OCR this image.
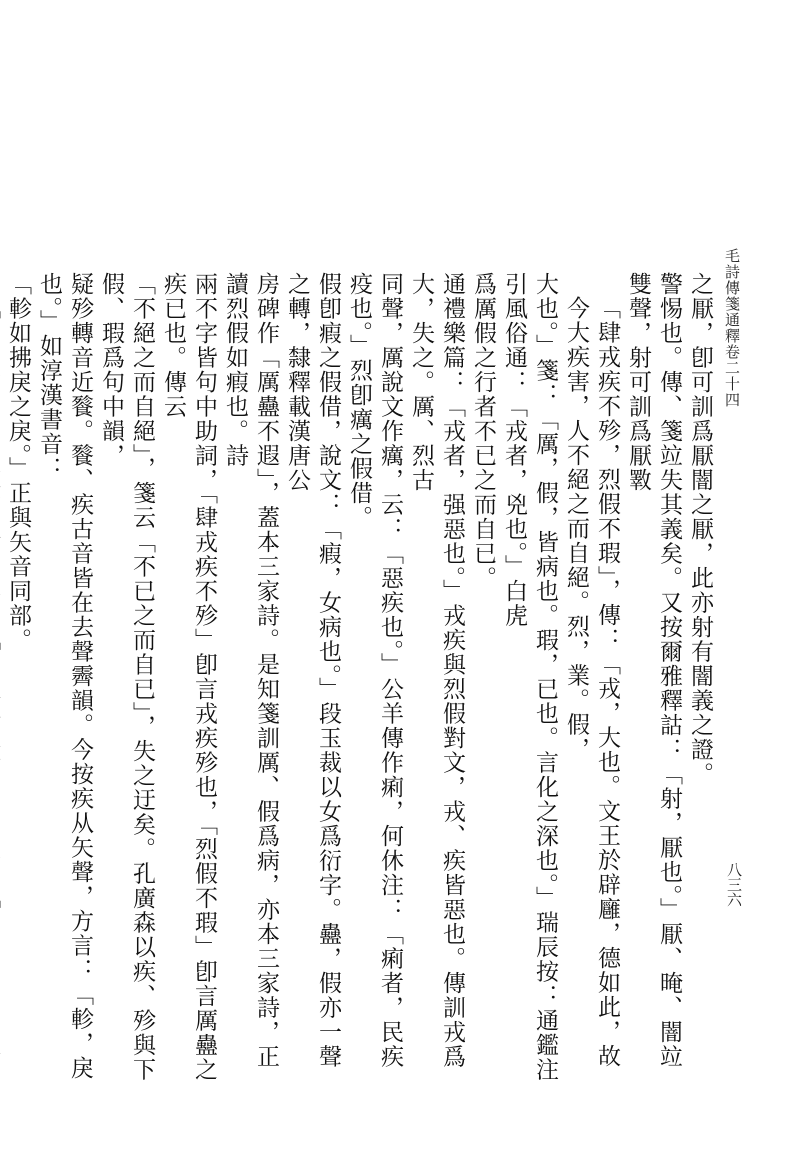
毛詩傳箋通釋卷二十四
之厭，卽可訓爲厭闇之厭，此亦射有闇義之證。
警惕也。傳、箋竝失其義矣。又按爾雅釋詁：「射，厭也。」厭、晻、闇竝雙聲，射可訓爲厭斁
「肆戎疾不殄，烈假不瑕」，傳：「戎，大也。文王於辟廱，德如此，故今大疾害，人不絕之而自絕。烈，業。假，
大也。」箋：「厲，假，皆病也。瑕，已也。言化之深也。」瑞辰按：通鑑注引風俗通：「戎者，兇也。」白虎
爲厲假之行者不已之而自已。
通禮樂篇：「戎者，强惡也。」戎疾與烈假對文，戎、疾皆惡也。傳訓戎爲大，失之。厲、烈古
同聲，厲說文作癘，云：「惡疾也。」公羊傳作痢，何休注：「痢者，民疾疫也。」烈卽癘之假借。
假卽瘕之假借，說文：「瘕，女病也。」段玉裁以女爲衍字。蠱，假亦一聲之轉，隸釋載漢唐公
房碑作「厲蠱不遐」，蓋本三家詩。是知箋訓厲、假爲病，亦本三家詩，正讀烈假如瘕也。詩
兩不字皆句中助詞，「肆戎疾不殄」卽言戎疾殄也，「烈假不瑕」卽言厲蠱之疾已也。傳云
「不絕之而自絕」，箋云「不已之而自已」，失之迂矣。孔廣森以疾、殄與下假、瑕爲句中韻，
疑殄轉音近餮。餮、疾古音皆在去聲霽韻。今按疾从矢聲，方言：「軫，戾也。」如淳漢書音：
「軫如拂戾之戾。」正與矢音同部。
八三六
